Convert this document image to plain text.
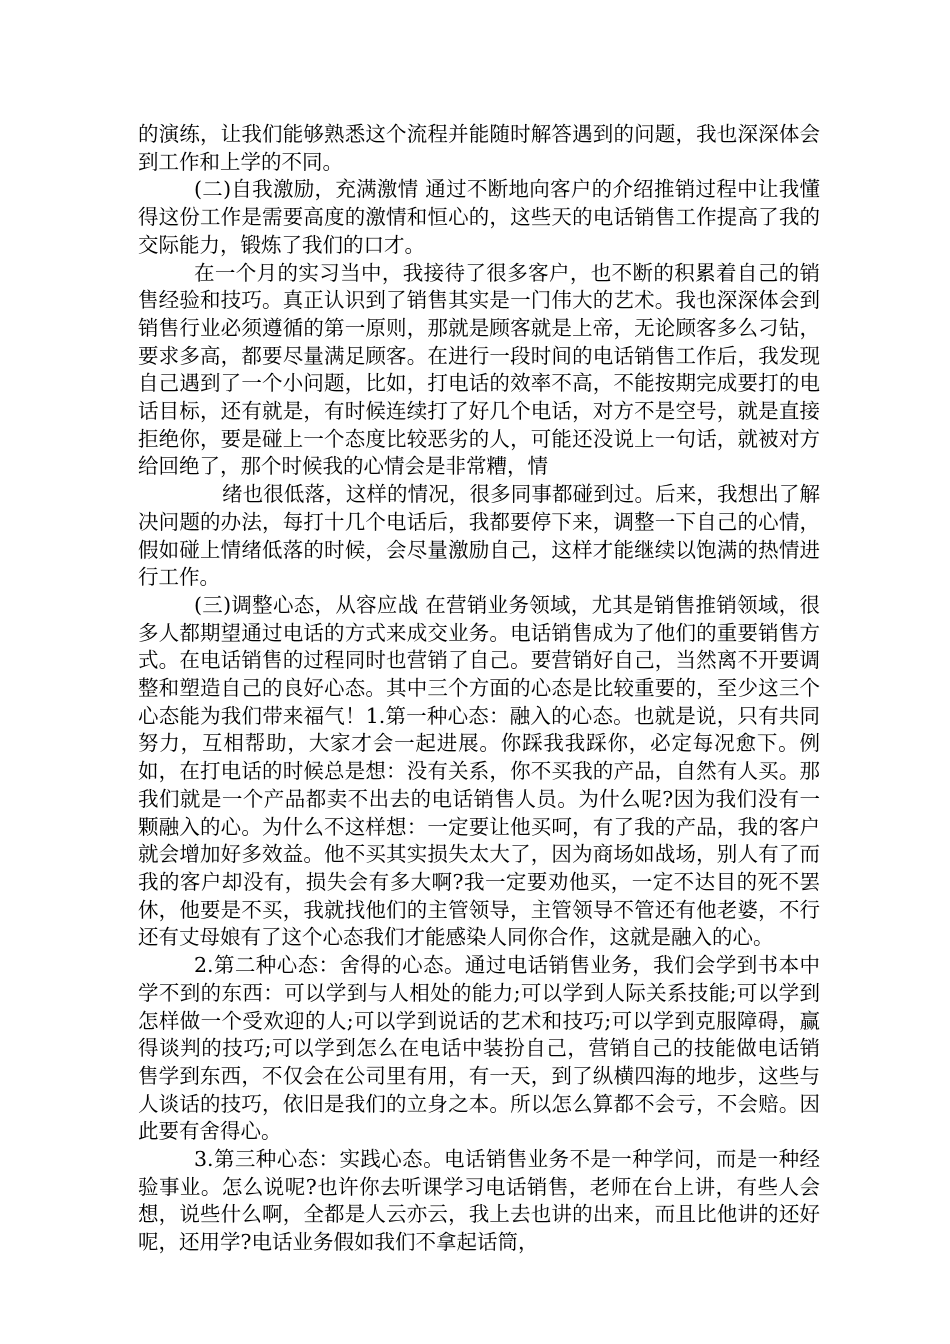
的演练，让我们能够熟悉这个流程并能随时解答遇到的问题，我也深深体会到工作和上学的不同。

(二)自我激励，充满激情 通过不断地向客户的介绍推销过程中让我懂得这份工作是需要高度的激情和恒心的，这些天的电话销售工作提高了我的交际能力，锻炼了我们的口才。

在一个月的实习当中，我接待了很多客户，也不断的积累着自己的销售经验和技巧。真正认识到了销售其实是一门伟大的艺术。我也深深体会到销售行业必须遵循的第一原则，那就是顾客就是上帝，无论顾客多么刁钻，要求多高，都要尽量满足顾客。在进行一段时间的电话销售工作后，我发现自己遇到了一个小问题，比如，打电话的效率不高，不能按期完成要打的电话目标，还有就是，有时候连续打了好几个电话，对方不是空号，就是直接拒绝你，要是碰上一个态度比较恶劣的人，可能还没说上一句话，就被对方给回绝了，那个时候我的心情会是非常糟，情

绪也很低落，这样的情况，很多同事都碰到过。后来，我想出了解决问题的办法，每打十几个电话后，我都要停下来，调整一下自己的心情，假如碰上情绪低落的时候，会尽量激励自己，这样才能继续以饱满的热情进行工作。

(三)调整心态，从容应战 在营销业务领域，尤其是销售推销领域，很多人都期望通过电话的方式来成交业务。电话销售成为了他们的重要销售方式。在电话销售的过程同时也营销了自己。要营销好自己，当然离不开要调整和塑造自己的良好心态。其中三个方面的心态是比较重要的，至少这三个心态能为我们带来福气！1.第一种心态：融入的心态。也就是说，只有共同努力，互相帮助，大家才会一起进展。你踩我我踩你，必定每况愈下。例如，在打电话的时候总是想：没有关系，你不买我的产品，自然有人买。那我们就是一个产品都卖不出去的电话销售人员。为什么呢?因为我们没有一颗融入的心。为什么不这样想：一定要让他买呵，有了我的产品，我的客户就会增加好多效益。他不买其实损失太大了，因为商场如战场，别人有了而我的客户却没有，损失会有多大啊?我一定要劝他买，一定不达目的死不罢休，他要是不买，我就找他们的主管领导，主管领导不管还有他老婆，不行还有丈母娘有了这个心态我们才能感染人同你合作，这就是融入的心。

2.第二种心态：舍得的心态。通过电话销售业务，我们会学到书本中学不到的东西：可以学到与人相处的能力;可以学到人际关系技能;可以学到怎样做一个受欢迎的人;可以学到说话的艺术和技巧;可以学到克服障碍，赢得谈判的技巧;可以学到怎么在电话中装扮自己，营销自己的技能做电话销售学到东西，不仅会在公司里有用，有一天，到了纵横四海的地步，这些与人谈话的技巧，依旧是我们的立身之本。所以怎么算都不会亏，不会赔。因此要有舍得心。

3.第三种心态：实践心态。电话销售业务不是一种学问，而是一种经验事业。怎么说呢?也许你去听课学习电话销售，老师在台上讲，有些人会想，说些什么啊，全都是人云亦云，我上去也讲的出来，而且比他讲的还好呢，还用学?电话业务假如我们不拿起话筒，
